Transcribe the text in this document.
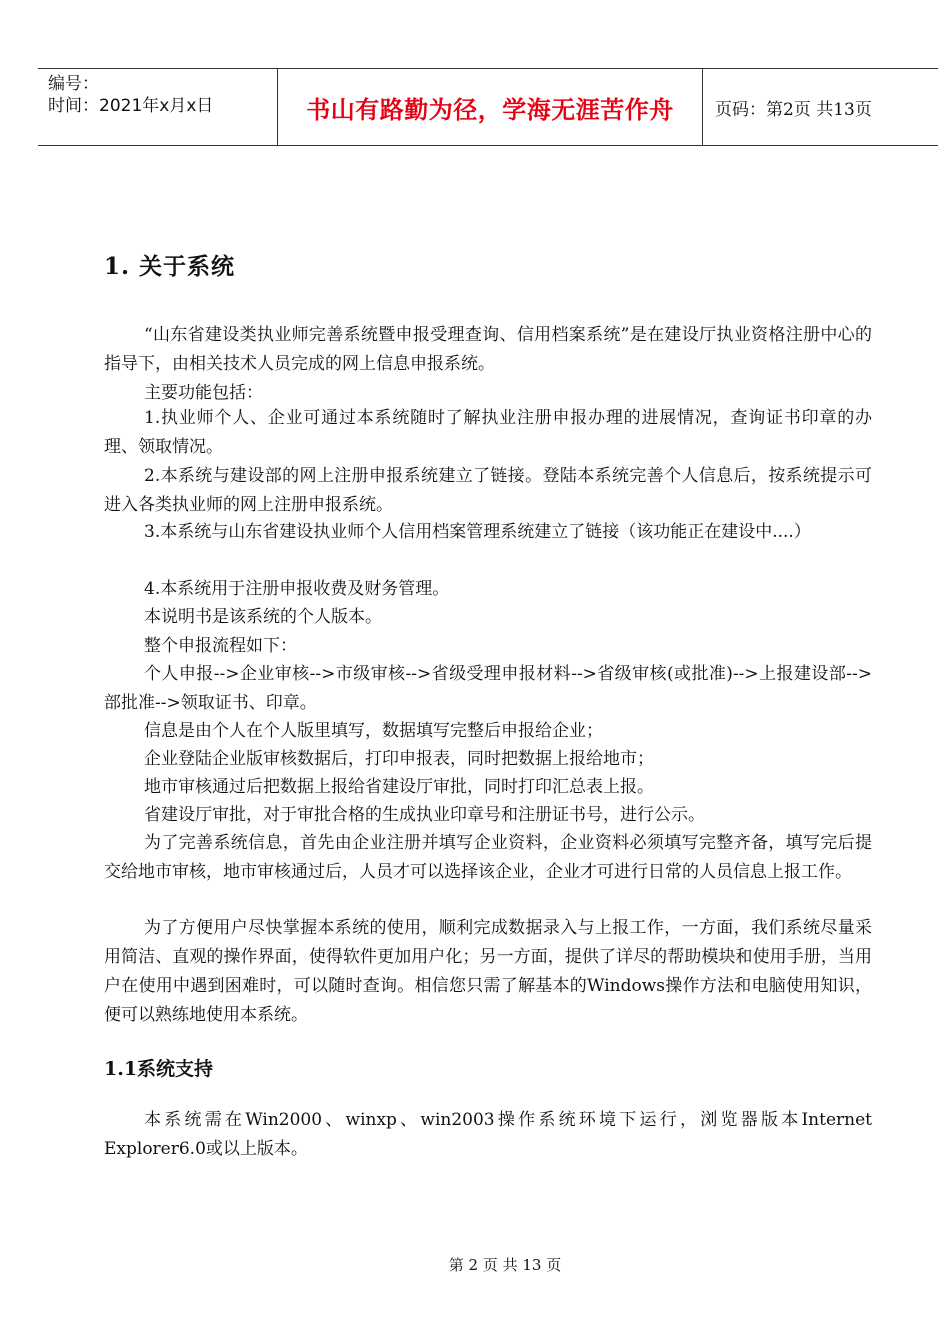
编号：
时间：2021年x月x日	书山有路勤为径，学海无涯苦作舟	页码：第2页 共13页
1. 关于系统

“山东省建设类执业师完善系统暨申报受理查询、信用档案系统”是在建设厅执业资格注册中心的指导下，由相关技术人员完成的网上信息申报系统。

主要功能包括：

1.执业师个人、企业可通过本系统随时了解执业注册申报办理的进展情况，查询证书印章的办理、领取情况。

2.本系统与建设部的网上注册申报系统建立了链接。登陆本系统完善个人信息后，按系统提示可进入各类执业师的网上注册申报系统。

3.本系统与山东省建设执业师个人信用档案管理系统建立了链接（该功能正在建设中....）

4.本系统用于注册申报收费及财务管理。

本说明书是该系统的个人版本。

整个申报流程如下：

个人申报-->企业审核-->市级审核-->省级受理申报材料-->省级审核(或批准)-->上报建设部-->部批准-->领取证书、印章。

信息是由个人在个人版里填写，数据填写完整后申报给企业；

企业登陆企业版审核数据后，打印申报表，同时把数据上报给地市；

地市审核通过后把数据上报给省建设厅审批，同时打印汇总表上报。

省建设厅审批，对于审批合格的生成执业印章号和注册证书号，进行公示。

为了完善系统信息，首先由企业注册并填写企业资料，企业资料必须填写完整齐备，填写完后提交给地市审核，地市审核通过后，人员才可以选择该企业，企业才可进行日常的人员信息上报工作。

为了方便用户尽快掌握本系统的使用，顺利完成数据录入与上报工作，一方面，我们系统尽量采用简洁、直观的操作界面，使得软件更加用户化；另一方面，提供了详尽的帮助模块和使用手册，当用户在使用中遇到困难时，可以随时查询。相信您只需了解基本的Windows操作方法和电脑使用知识，便可以熟练地使用本系统。

1.1系统支持

本系统需在Win2000、winxp、win2003操作系统环境下运行，浏览器版本Internet Explorer6.0或以上版本。

第 2 页 共 13 页
